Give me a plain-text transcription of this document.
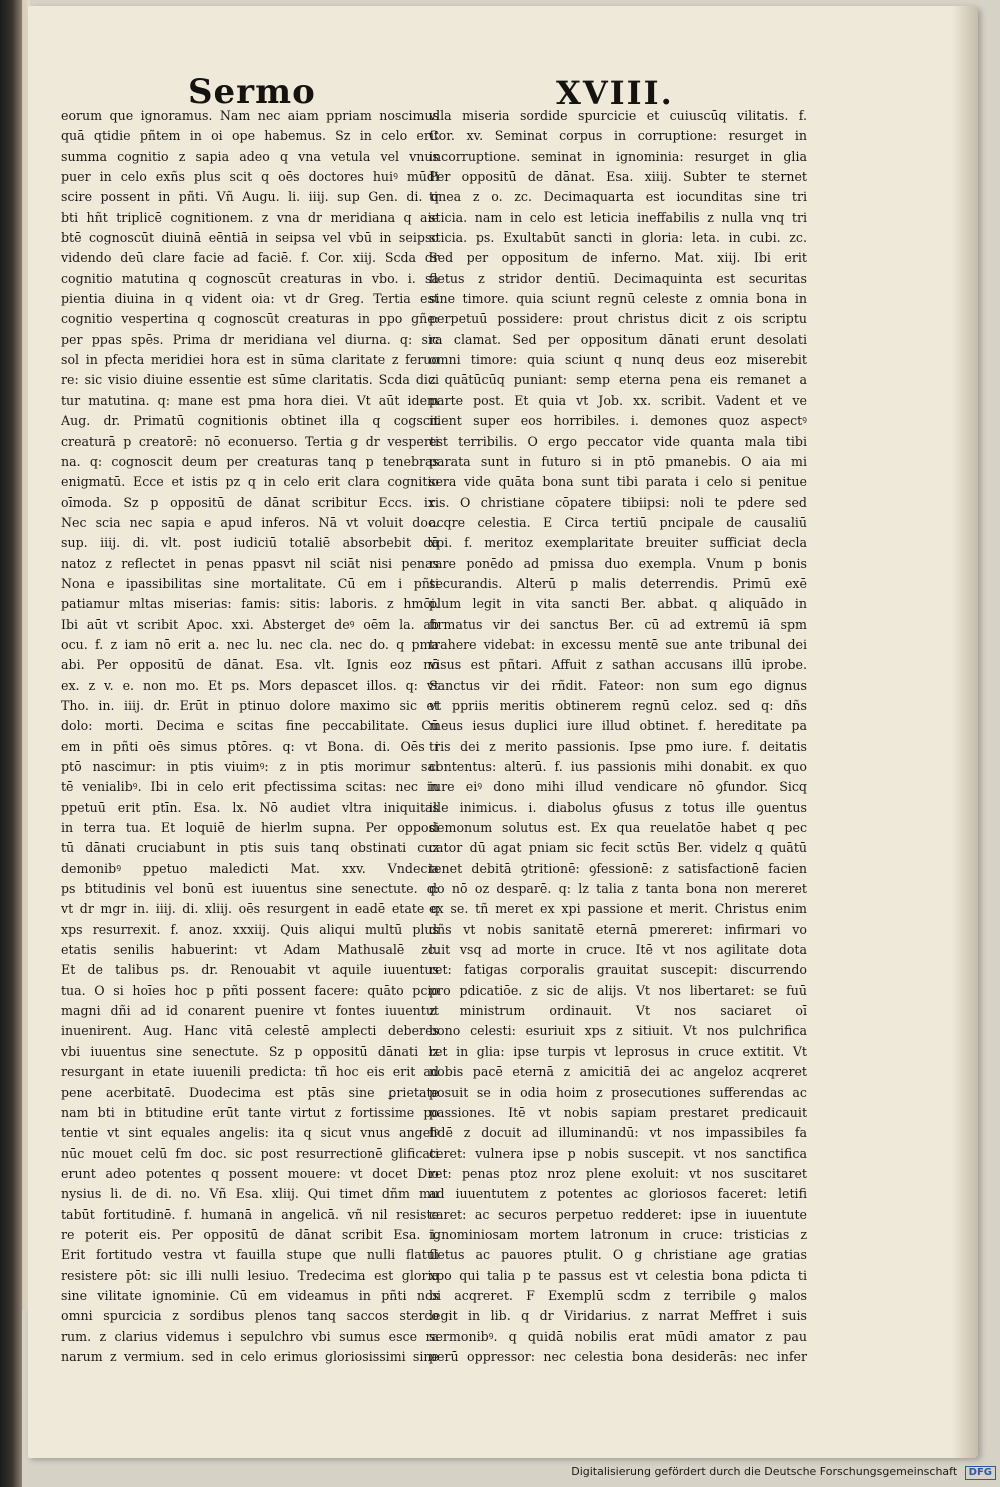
Sermo	XVIII.
eorum que ignoramus. Nam nec aiam ppriam noscimus
quā qtidie pñtem in oi ope habemus. Sz in celo erit
summa cognitio z sapia adeo q vna vetula vel vnus
puer in celo exñs plus scit q oēs doctores huiꝰ mūdi
scire possent in pñti. Vñ Augu. li. iiij. sup Gen. di. q
bti hñt triplicē cognitionem. z vna dr meridiana q aie
btē cognoscūt diuinā eēntiā in seipsa vel vbū in seipso
videndo deū clare facie ad faciē. f. Cor. xiij. Scda dr
cognitio matutina q cognoscūt creaturas in vbo. i. sa
pientia diuina in q vident oia: vt dr Greg. Tertia est
cognitio vespertina q cognoscūt creaturas in ppo gñe:
per ppas spēs. Prima dr meridiana vel diurna. q: sic
sol in pfecta meridiei hora est in sūma claritate z feruo
re: sic visio diuine essentie est sūme claritatis. Scda dici
tur matutina. q: mane est pma hora diei. Vt aūt idem
Aug. dr. Primatū cognitionis obtinet illa q cogscit
creaturā p creatorē: nō econuerso. Tertia g dr vesperti
na. q: cognoscit deum per creaturas tanq p tenebras
enigmatū. Ecce et istis pz q in celo erit clara cognitio
oīmoda. Sz p oppositū de dānat scribitur Eccs. ix.
Nec scia nec sapia e apud inferos. Nā vt voluit doc.
sup. iiij. di. vlt. post iudiciū totaliē absorbebit dā
natoz z reflectet in penas ppasvt nil sciāt nisi penas
Nona e ipassibilitas sine mortalitate. Cū em i pñti
patiamur mltas miserias: famis: sitis: laboris. z hmōi.
Ibi aūt vt scribit Apoc. xxi. Absterget deꝰ oēm la. ab
ocu. f. z iam nō erit a. nec lu. nec cla. nec do. q pma
abi. Per oppositū de dānat. Esa. vlt. Ignis eoz nō
ex. z v. e. non mo. Et ps. Mors depascet illos. q: vt
Tho. in. iiij. dr. Erūt in ptinuo dolore maximo sic et
dolo: morti. Decima e scitas fine peccabilitate. Cū
em in pñti oēs simus ptōres. q: vt Bona. di. Oēs i
ptō nascimur: in ptis viuimꝰ: z in ptis morimur sal
tē venialibꝰ. Ibi in celo erit pfectissima scitas: nec in
ppetuū erit ptīn. Esa. lx. Nō audiet vltra iniquitas
in terra tua. Et loquiē de hierlm supna. Per opposi
tū dānati cruciabunt in ptis suis tanq obstinati cuz
demonibꝰ ppetuo maledicti Mat. xxv. Vndecia
ps btitudinis vel bonū est iuuentus sine senectute. q:
vt dr mgr in. iiij. di. xliij. oēs resurgent in eadē etate q
xps resurrexit. f. anoz. xxxiij. Quis aliqui multū plus
etatis senilis habuerint: vt Adam Mathusalē zc.
Et de talibus ps. dr. Renouabit vt aquile iuuentus
tua. O si hoīes hoc p pñti possent facere: quāto pcio
magni dñi ad id conarent puenire vt fontes iuuentut
inuenirent. Aug. Hanc vitā celestē amplecti deberes
vbi iuuentus sine senectute. Sz p oppositū dānati lz
resurgant in etate iuuenili predicta: tñ hoc eis erit ad
pene acerbitatē. Duodecima est ptās sine ꝑrietate
nam bti in btitudine erūt tante virtut z fortissime po
tentie vt sint equales angelis: ita q sicut vnus angelꝰ
nūc mouet celū fm doc. sic post resurrectionē glificati
erunt adeo potentes q possent mouere: vt docet Dio
nysius li. de di. no. Vñ Esa. xliij. Qui timet dñm mu
tabūt fortitudinē. f. humanā in angelicā. vñ nil resiste
re poterit eis. Per oppositū de dānat scribit Esa. i.
Erit fortitudo vestra vt fauilla stupe que nulli flatui
resistere pōt: sic illi nulli lesiuo. Tredecima est gloria
sine vilitate ignominie. Cū em videamus in pñti nos
omni spurcicia z sordibus plenos tanq saccos sterco
rum. z clarius videmus i sepulchro vbi sumus esce ra
narum z vermium. sed in celo erimus gloriosissimi sine
vlla miseria sordide spurcicie et cuiuscūq vilitatis. f.
Cor. xv. Seminat corpus in corruptione: resurget in
incorruptione. seminat in ignominia: resurget in glia
Per oppositū de dānat. Esa. xiiij. Subter te sternet
tinea z o. zc. Decimaquarta est iocunditas sine tri
sticia. nam in celo est leticia ineffabilis z nulla vnq tri
sticia. ps. Exultabūt sancti in gloria: leta. in cubi. zc.
Sed per oppositum de inferno. Mat. xiij. Ibi erit
fletus z stridor dentiū. Decimaquinta est securitas
sine timore. quia sciunt regnū celeste z omnia bona in
perpetuū possidere: prout christus dicit z ois scriptu
ra clamat. Sed per oppositum dānati erunt desolati
omni timore: quia sciunt q nunq deus eoz miserebit
z quātūcūq puniant: semp eterna pena eis remanet a
parte post. Et quia vt Job. xx. scribit. Vadent et ve
nient super eos horribiles. i. demones quoz aspectꝰ
est terribilis. O ergo peccator vide quanta mala tibi
parata sunt in futuro si in ptō pmanebis. O aia mi
sera vide quāta bona sunt tibi parata i celo si penitue
ris. O christiane cōpatere tibiipsi: noli te pdere sed
acqre celestia. E Circa tertiū pncipale de causaliū
xpi. f. meritoz exemplaritate breuiter sufficiat decla
rare ponēdo ad pmissa duo exempla. Vnum p bonis
securandis. Alterū p malis deterrendis. Primū exē
plum legit in vita sancti Ber. abbat. q aliquādo in
firmatus vir dei sanctus Ber. cū ad extremū iā spm
trahere videbat: in excessu mentē sue ante tribunal dei
visus est pñtari. Affuit z sathan accusans illū iprobe.
Sanctus vir dei rñdit. Fateor: non sum ego dignus
vt ppriis meritis obtinerem regnū celoz. sed q: dñs
meus iesus duplici iure illud obtinet. f. hereditate pa
tris dei z merito passionis. Ipse pmo iure. f. deitatis
contentus: alterū. f. ius passionis mihi donabit. ex quo
iure eiꝰ dono mihi illud vendicare nō ꝯfundor. Sicq
ille inimicus. i. diabolus ꝯfusus z totus ille ꝯuentus
demonum solutus est. Ex qua reuelatōe habet q pec
cator dū agat pniam sic fecit sctūs Ber. videlz q quātū
tenet debitā ꝯtritionē: ꝯfessionē: z satisfactionē facien
do nō oz desparē. q: lz talia z tanta bona non mereret
ex se. tñ meret ex xpi passione et merit. Christus enim
dñs vt nobis sanitatē eternā pmereret: infirmari vo
luit vsq ad morte in cruce. Itē vt nos agilitate dota
ret: fatigas corporalis grauitat suscepit: discurrendo
pro pdicatiōe. z sic de alijs. Vt nos libertaret: se fuū
z ministrum ordinauit. Vt nos saciaret oī
bono celesti: esuriuit xps z sitiuit. Vt nos pulchrifica
ret in glia: ipse turpis vt leprosus in cruce extitit. Vt
nobis pacē eternā z amicitiā dei ac angeloz acqreret
posuit se in odia hoim z prosecutiones sufferendas ac
passiones. Itē vt nobis sapiam prestaret predicauit
fidē z docuit ad illuminandū: vt nos impassibiles fa
ceret: vulnera ipse p nobis suscepit. vt nos sanctifica
ret: penas ptoz nroz plene exoluit: vt nos suscitaret
ad iuuentutem z potentes ac gloriosos faceret: letifi
caret: ac securos perpetuo redderet: ipse in iuuentute
ignominiosam mortem latronum in cruce: tristicias z
fletus ac pauores ptulit. O g christiane age gratias
xpo qui talia p te passus est vt celestia bona pdicta ti
bi acqreret. F Exemplū scdm z terribile ꝯ malos
legit in lib. q dr Viridarius. z narrat Meffret i suis
sermonibꝰ. q quidā nobilis erat mūdi amator z pau
perū oppressor: nec celestia bona desiderās: nec infer
Digitalisierung gefördert durch die Deutsche Forschungsgemeinschaft DFG
